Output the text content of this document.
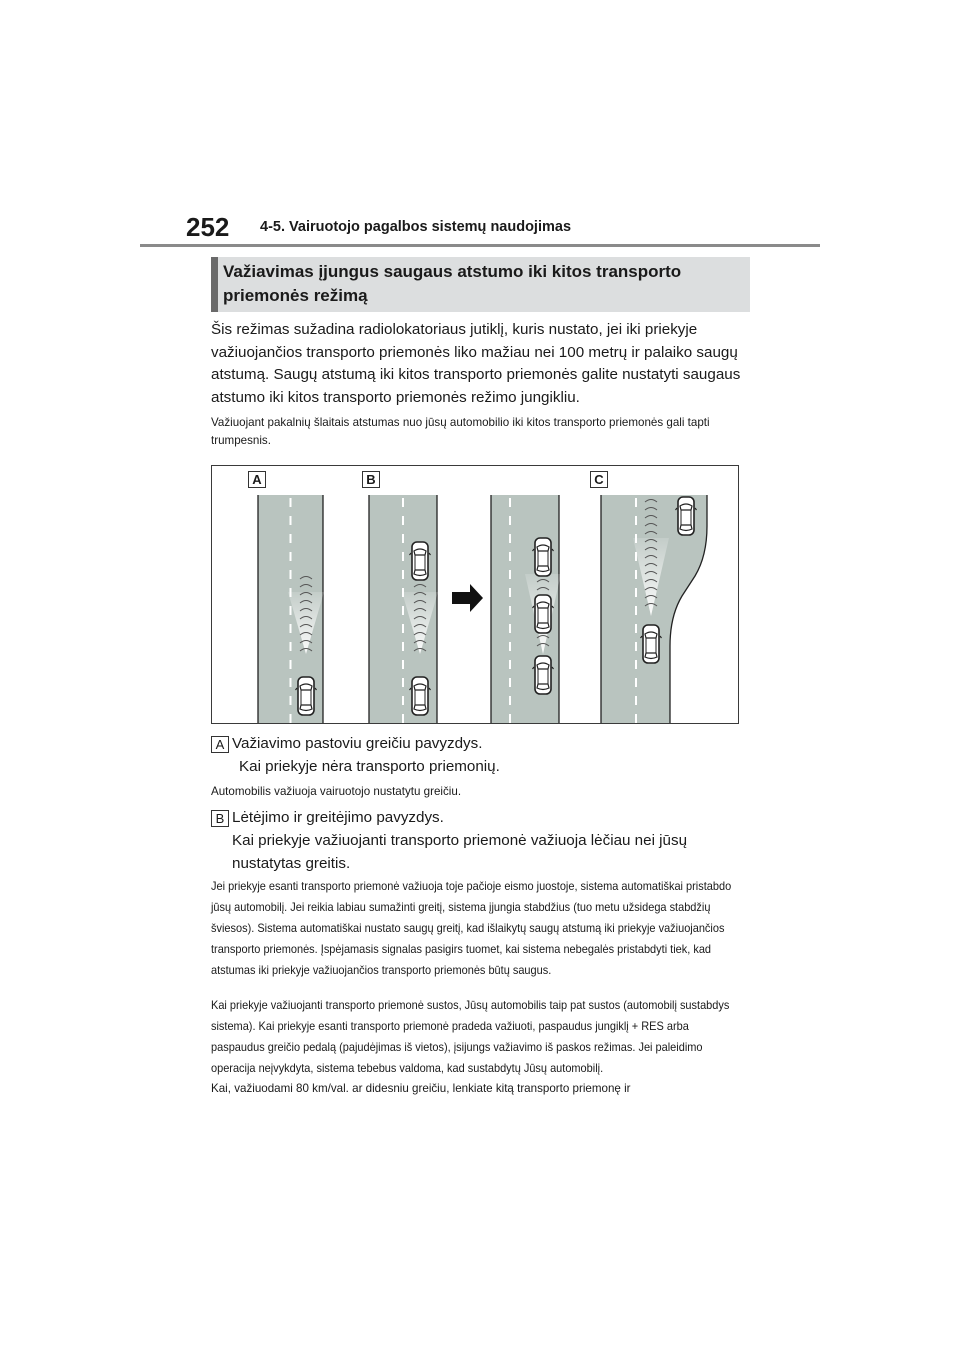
252 4-5. Vairuotojo pagalbos sistemų naudojimas
Važiavimas įjungus saugaus atstumo iki kitos transporto priemonės režimą
Šis režimas sužadina radiolokatoriaus jutiklį, kuris nustato, jei iki priekyje važiuojančios transporto priemonės liko mažiau nei 100 metrų ir palaiko saugų atstumą. Saugų atstumą iki kitos transporto priemonės galite nustatyti saugaus atstumo iki kitos transporto priemonės režimo jungikliu.
Važiuojant pakalnių šlaitais atstumas nuo jūsų automobilio iki kitos transporto priemonės gali tapti trumpesnis.
A	B	C
A Važiavimo pastoviu greičiu pavyzdys.
Kai priekyje nėra transporto priemonių.
Automobilis važiuoja vairuotojo nustatytu greičiu.
B Lėtėjimo ir greitėjimo pavyzdys.
Kai priekyje važiuojanti transporto priemonė važiuoja lėčiau nei jūsų nustatytas greitis.
Jei priekyje esanti transporto priemonė važiuoja toje pačioje eismo juostoje, sistema automatiškai pristabdo jūsų automobilį. Jei reikia labiau sumažinti greitį, sistema įjungia stabdžius (tuo metu užsidega stabdžių šviesos). Sistema automatiškai nustato saugų greitį, kad išlaikytų saugų atstumą iki priekyje važiuojančios transporto priemonės. Įspėjamasis signalas pasigirs tuomet, kai sistema nebegalės pristabdyti tiek, kad atstumas iki priekyje važiuojančios transporto priemonės būtų saugus.
Kai priekyje važiuojanti transporto priemonė sustos, Jūsų automobilis taip pat sustos (automobilį sustabdys sistema). Kai priekyje esanti transporto priemonė pradeda važiuoti, paspaudus jungiklį + RES arba paspaudus greičio pedalą (pajudėjimas iš vietos), įsijungs važiavimo iš paskos režimas. Jei paleidimo operacija neįvykdyta, sistema tebebus valdoma, kad sustabdytų Jūsų automobilį.
Kai, važiuodami 80 km/val. ar didesniu greičiu, lenkiate kitą transporto priemonę ir
